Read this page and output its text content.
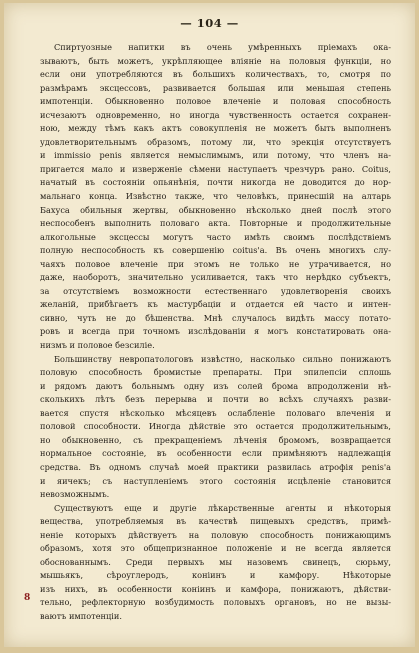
— 104 —
8
Спиртуозные напитки въ очень умѣренныхъ пріемахъ ока-
зываютъ, быть можетъ, укрѣпляющее вліяніе на половыя функціи, но
если они употребляются въ большихъ количествахъ, то, смотря по
размѣрамъ эксцессовъ, развивается большая или меньшая степень
импотенціи. Обыкновенно половое влеченіе и половая способность
исчезаютъ одновременно, но иногда чувственность остается сохранен-
ною, между тѣмъ какъ актъ совокупленія не можетъ быть выполненъ
удовлетворительнымъ образомъ, потому ли, что эрекція отсутствуетъ
и immissio penis является немыслимымъ, или потому, что членъ на-
пригается мало и изверженіе сѣмени наступаетъ чрезчуръ рано. Coitus,
начатый въ состояніи опьянѣнія, почти никогда не доводится до нор-
мальнаго конца. Извѣстно также, что человѣкъ, принесшій на алтарь
Бахуса обильныя жертвы, обыкновенно нѣсколько дней послѣ этого
неспособенъ выполнить половаго акта. Повторные и продолжительные
алкогольные эксцессы могутъ часто имѣть своимъ послѣдствіемъ
полную неспособность къ совершенію coitus'а. Въ очень многихъ слу-
чаяхъ половое влеченіе при этомъ не только не утрачивается, но
даже, наоборотъ, значительно усиливается, такъ что нерѣдко субъектъ,
за отсутствіемъ возможности естественнаго удовлетворенія своихъ
желаній, прибѣгаетъ къ мастурбаціи и отдается ей часто и интен-
сивно, чуть не до бѣшенства. Мнѣ случалось видѣть массу потато-
ровъ и всегда при точномъ изслѣдованіи я могъ констатировать она-
низмъ и половое безсиліе.
Большинству невропатологовъ извѣстно, насколько сильно понижаютъ
половую способность бромистые препараты. При эпилепсіи сплошь
и рядомъ даютъ больнымъ одну изъ солей брома впродолженіи нѣ-
сколькихъ лѣтъ безъ перерыва и почти во всѣхъ случаяхъ разви-
вается спустя нѣсколько мѣсяцевъ ослабленіе половаго влеченія и
половой способности. Иногда дѣйствіе это остается продолжительнымъ,
но обыкновенно, съ прекращеніемъ лѣченія бромомъ, возвращается
нормальное состояніе, въ особенности если примѣняютъ надлежащія
средства. Въ одномъ случаѣ моей практики развилась атрофія penis'а
и яичекъ; съ наступленіемъ этого состоянія исцѣленіе становится
невозможнымъ.
Существуютъ еще и другіе лѣкарственные агенты и нѣкоторыя
вещества, употребляемыя въ качествѣ пищевыхъ средствъ, примѣ-
неніе которыхъ дѣйствуетъ на половую способность понижающимъ
образомъ, хотя это общепризнанное положеніе и не всегда является
обоснованнымъ. Среди первыхъ мы назовемъ свинецъ, сюрьму,
мышьякъ, сѣроуглеродъ, коніинъ и камфору. Нѣкоторые
изъ нихъ, въ особенности коніинъ и камфора, понижаютъ, дѣйстви-
тельно, рефлекторную возбудимость половыхъ органовъ, но не вызы-
ваютъ импотенціи.
